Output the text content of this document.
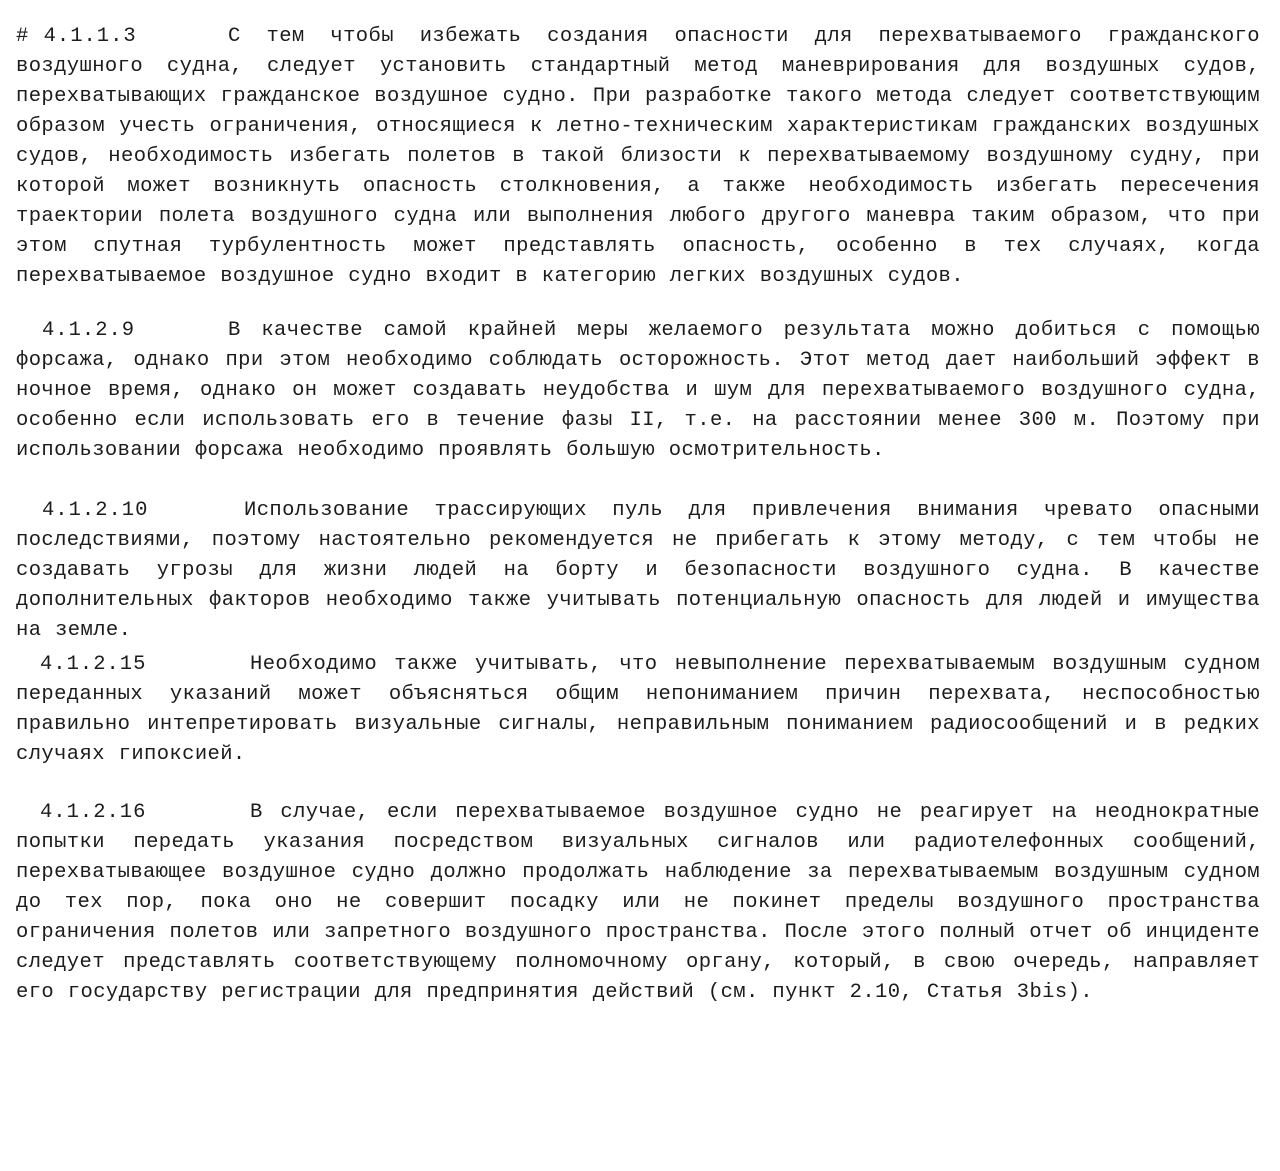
# 4.1.1.3	С тем чтобы избежать создания опасности для перехватываемого гражданского воздушного судна, следует установить стандартный метод маневрирования для воздушных судов, перехватывающих гражданское воздушное судно. При разработке такого метода следует соответствующим образом учесть ограничения, относящиеся к летно-техническим характеристикам гражданских воздушных судов, необходимость избегать полетов в такой близости к перехватываемому воздушному судну, при которой может возникнуть опасность столкновения, а также необходимость избегать пересечения траектории полета воздушного судна или выполнения любого другого маневра таким образом, что при этом спутная турбулентность может представлять опасность, особенно в тех случаях, когда перехватываемое воздушное судно входит в категорию легких воздушных судов.

4.1.2.9	В качестве самой крайней меры желаемого результата можно добиться с помощью форсажа, однако при этом необходимо соблюдать осторожность. Этот метод дает наибольший эффект в ночное время, однако он может создавать неудобства и шум для перехватываемого воздушного судна, особенно если использовать его в течение фазы II, т.е. на расстоянии менее 300 м. Поэтому при использовании форсажа необходимо проявлять большую осмотрительность.

4.1.2.10	Использование трассирующих пуль для привлечения внимания чревато опасными последствиями, поэтому настоятельно рекомендуется не прибегать к этому методу, с тем чтобы не создавать угрозы для жизни людей на борту и безопасности воздушного судна. В качестве дополнительных факторов необходимо также учитывать потенциальную опасность для людей и имущества на земле.

4.1.2.15	Необходимо также учитывать, что невыполнение перехватываемым воздушным судном переданных указаний может объясняться общим непониманием причин перехвата, неспособностью правильно интепретировать визуальные сигналы, неправильным пониманием радиосообщений и в редких случаях гипоксией.

4.1.2.16	В случае, если перехватываемое воздушное судно не реагирует на неоднократные попытки передать указания посредством визуальных сигналов или радиотелефонных сообщений, перехватывающее воздушное судно должно продолжать наблюдение за перехватываемым воздушным судном до тех пор, пока оно не совершит посадку или не покинет пределы воздушного пространства ограничения полетов или запретного воздушного пространства. После этого полный отчет об инциденте следует представлять соответствующему полномочному органу, который, в свою очередь, направляет его государству регистрации для предпринятия действий (см. пункт 2.10, Статья 3bis).
